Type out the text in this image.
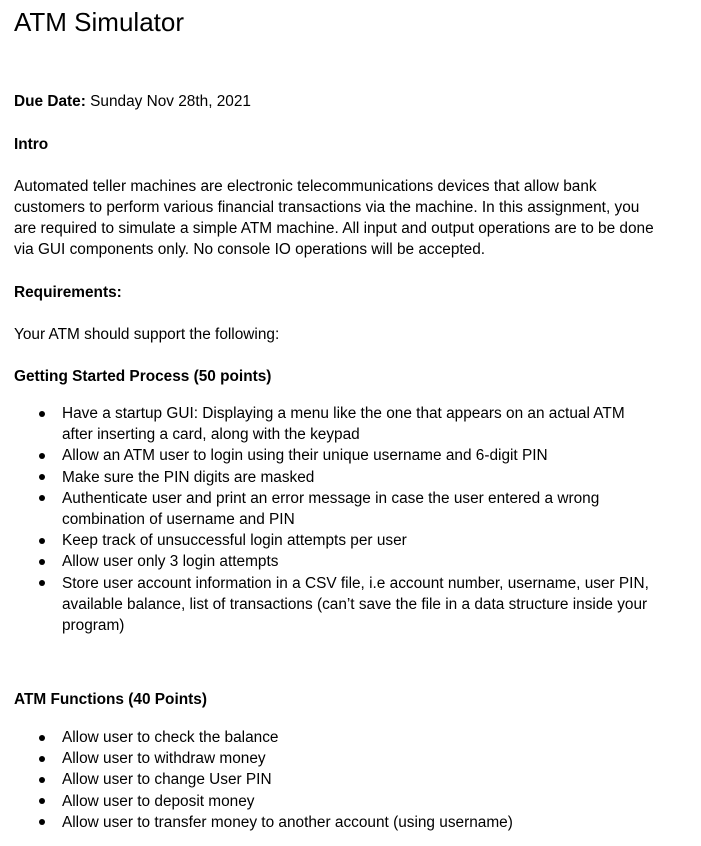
ATM Simulator

Due Date: Sunday Nov 28th, 2021

Intro

Automated teller machines are electronic telecommunications devices that allow bank customers to perform various financial transactions via the machine. In this assignment, you are required to simulate a simple ATM machine. All input and output operations are to be done via GUI components only. No console IO operations will be accepted.

Requirements:

Your ATM should support the following:

Getting Started Process (50 points)

Have a startup GUI: Displaying a menu like the one that appears on an actual ATM after inserting a card, along with the keypad
Allow an ATM user to login using their unique username and 6-digit PIN
Make sure the PIN digits are masked
Authenticate user and print an error message in case the user entered a wrong combination of username and PIN
Keep track of unsuccessful login attempts per user
Allow user only 3 login attempts
Store user account information in a CSV file, i.e account number, username, user PIN, available balance, list of transactions (can’t save the file in a data structure inside your program)

ATM Functions (40 Points)

Allow user to check the balance
Allow user to withdraw money
Allow user to change User PIN
Allow user to deposit money
Allow user to transfer money to another account (using username)
